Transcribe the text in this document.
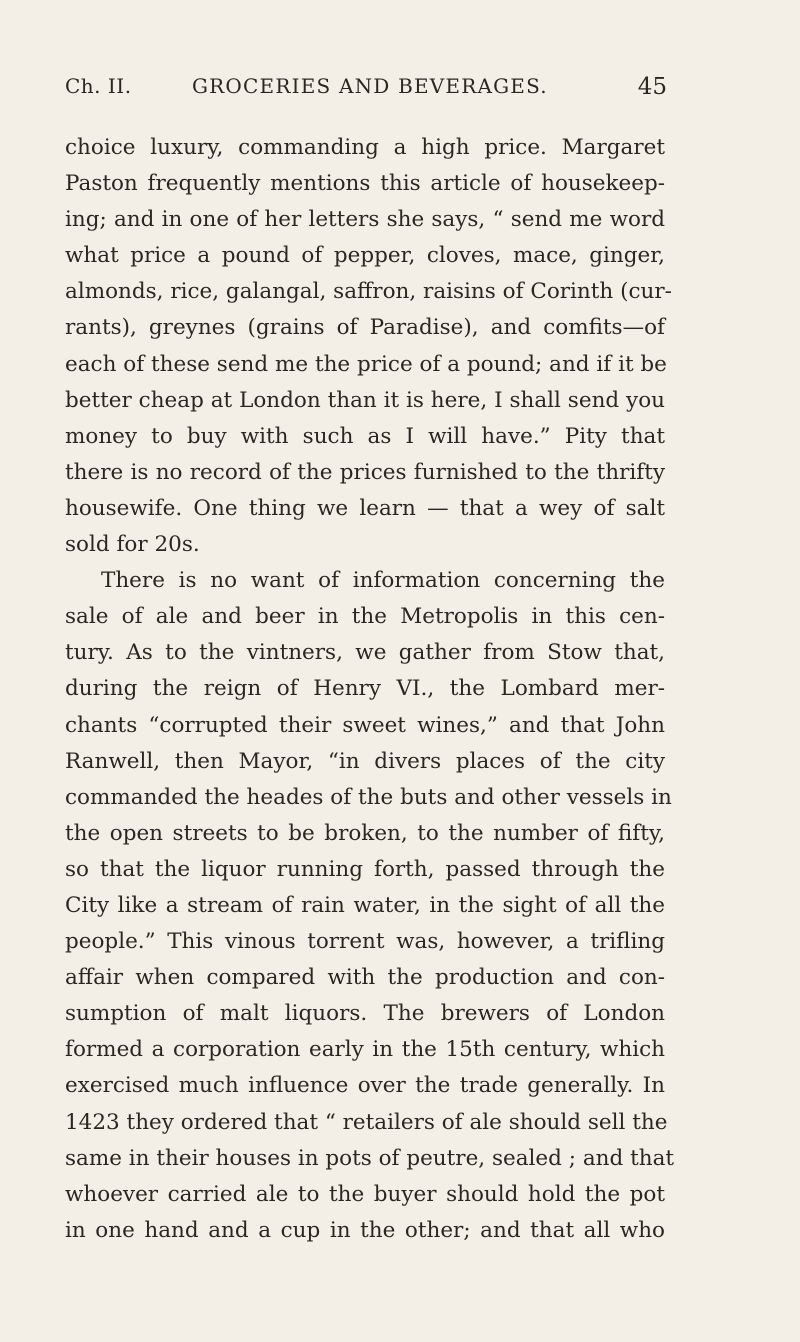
Ch. II.	GROCERIES AND BEVERAGES.	45
choice luxury, commanding a high price. Margaret
Paston frequently mentions this article of housekeep-
ing; and in one of her letters she says, “ send me word
what price a pound of pepper, cloves, mace, ginger,
almonds, rice, galangal, saffron, raisins of Corinth (cur-
rants), greynes (grains of Paradise), and comfits—of
each of these send me the price of a pound; and if it be
better cheap at London than it is here, I shall send you
money to buy with such as I will have.” Pity that
there is no record of the prices furnished to the thrifty
housewife. One thing we learn — that a wey of salt
sold for 20s.
There is no want of information concerning the
sale of ale and beer in the Metropolis in this cen-
tury. As to the vintners, we gather from Stow that,
during the reign of Henry VI., the Lombard mer-
chants “corrupted their sweet wines,” and that John
Ranwell, then Mayor, “in divers places of the city
commanded the heades of the buts and other vessels in
the open streets to be broken, to the number of fifty,
so that the liquor running forth, passed through the
City like a stream of rain water, in the sight of all the
people.” This vinous torrent was, however, a trifling
affair when compared with the production and con-
sumption of malt liquors. The brewers of London
formed a corporation early in the 15th century, which
exercised much influence over the trade generally. In
1423 they ordered that “ retailers of ale should sell the
same in their houses in pots of peutre, sealed ; and that
whoever carried ale to the buyer should hold the pot
in one hand and a cup in the other; and that all who
